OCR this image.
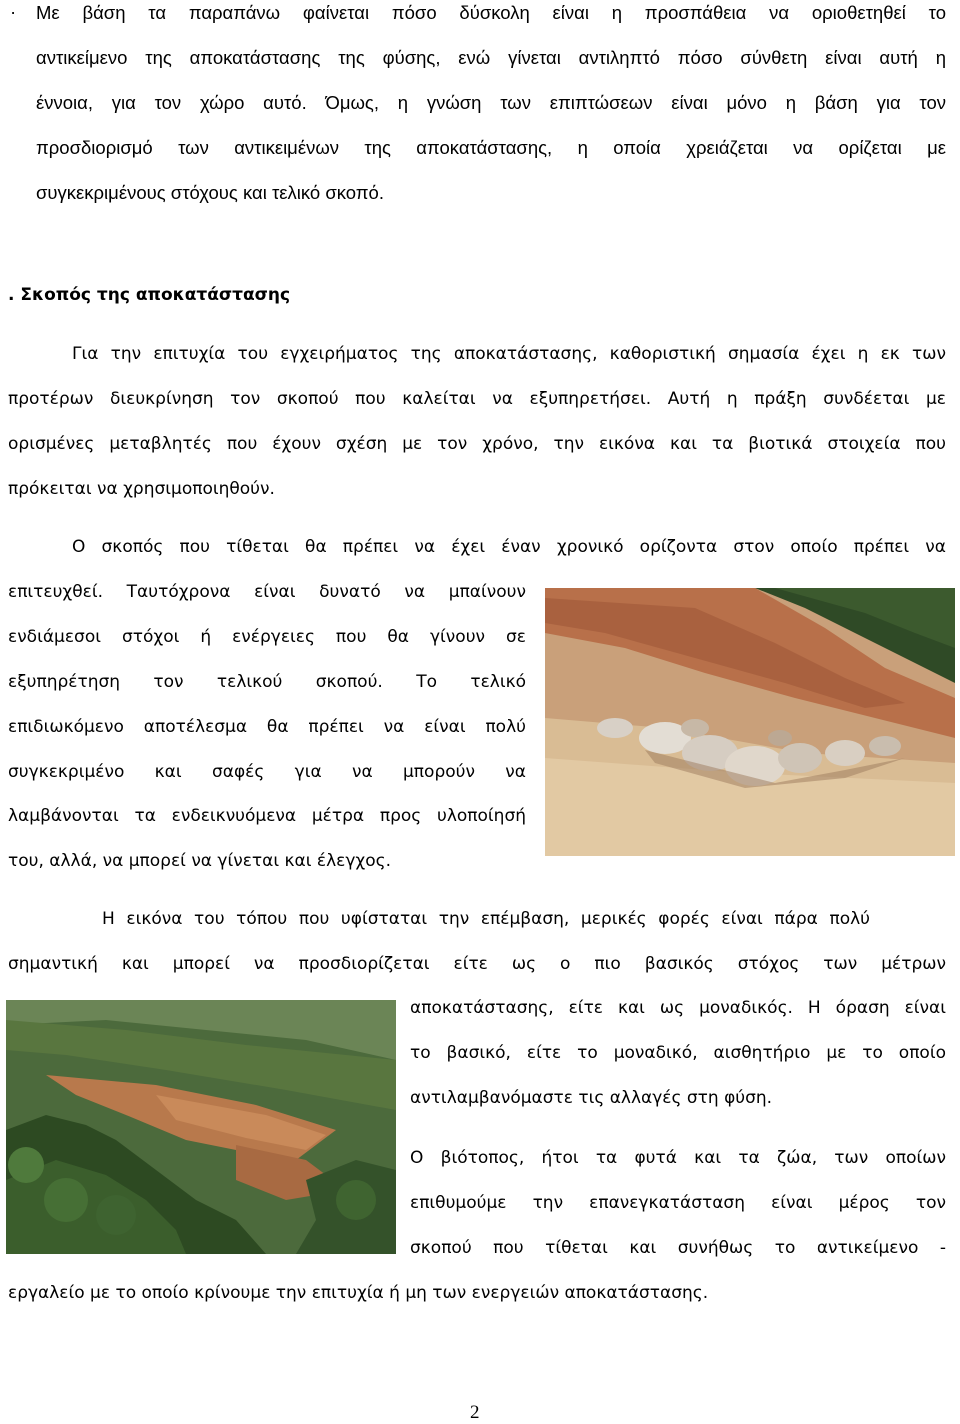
· Με βάση τα παραπάνω φαίνεται πόσο δύσκολη είναι η προσπάθεια να οριοθετηθεί το
αντικείμενο της αποκατάστασης της φύσης, ενώ γίνεται αντιληπτό πόσο σύνθετη είναι αυτή η
έννοια, για τον χώρο αυτό. Όμως, η γνώση των επιπτώσεων είναι μόνο η βάση για τον
προσδιορισμό των αντικειμένων της αποκατάστασης, η οποία χρειάζεται να ορίζεται με
συγκεκριμένους στόχους και τελικό σκοπό.
. Σκοπός της αποκατάστασης
Για την επιτυχία του εγχειρήματος της αποκατάστασης, καθοριστική σημασία έχει η εκ των
προτέρων διευκρίνηση τον σκοπού που καλείται να εξυπηρετήσει. Αυτή η πράξη συνδέεται με
ορισμένες μεταβλητές που έχουν σχέση με τον χρόνο, την εικόνα και τα βιοτικά στοιχεία που
πρόκειται να χρησιμοποιηθούν.
Ο σκοπός που τίθεται θα πρέπει να έχει έναν χρονικό ορίζοντα στον οποίο πρέπει να
επιτευχθεί. Ταυτόχρονα είναι δυνατό να μπαίνουν
ενδιάμεσοι στόχοι ή ενέργειες που θα γίνουν σε
εξυπηρέτηση τον τελικού σκοπού. Το τελικό
επιδιωκόμενο αποτέλεσμα θα πρέπει να είναι πολύ
συγκεκριμένο και σαφές για να μπορούν να
λαμβάνονται τα ενδεικνυόμενα μέτρα προς υλοποίησή
του, αλλά, να μπορεί να γίνεται και έλεγχος.
Η εικόνα του τόπου που υφίσταται την επέμβαση, μερικές φορές είναι πάρα πολύ
σημαντική και μπορεί να προσδιορίζεται είτε ως ο πιο βασικός στόχος των μέτρων
αποκατάστασης, είτε και ως μοναδικός. Η όραση είναι
το βασικό, είτε το μοναδικό, αισθητήριο με το οποίο
αντιλαμβανόμαστε τις αλλαγές στη φύση.
Ο βιότοπος, ήτοι τα φυτά και τα ζώα, των οποίων
επιθυμούμε την επανεγκατάσταση είναι μέρος τον
σκοπού που τίθεται και συνήθως το αντικείμενο -
εργαλείο με το οποίο κρίνουμε την επιτυχία ή μη των ενεργειών αποκατάστασης.
2
